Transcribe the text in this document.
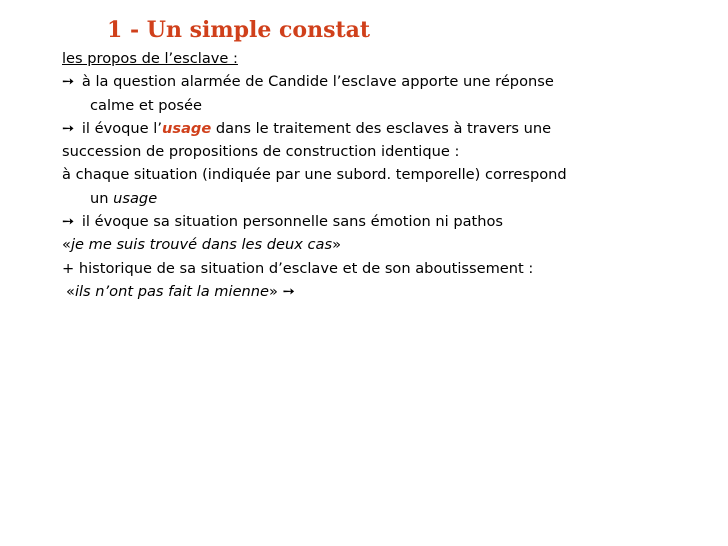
1 - Un simple constat
les propos de l’esclave :
➙ à la question alarmée de Candide l’esclave apporte une réponse
calme et posée
➙ il évoque l’usage dans le traitement des esclaves à travers une
succession de propositions de construction identique :
à chaque situation (indiquée par une subord. temporelle) correspond
un usage
➙ il évoque sa situation personnelle sans émotion ni pathos
«je me suis trouvé dans les deux cas»
+ historique de sa situation d’esclave et de son aboutissement :
«ils n’ont pas fait la mienne» ➙
